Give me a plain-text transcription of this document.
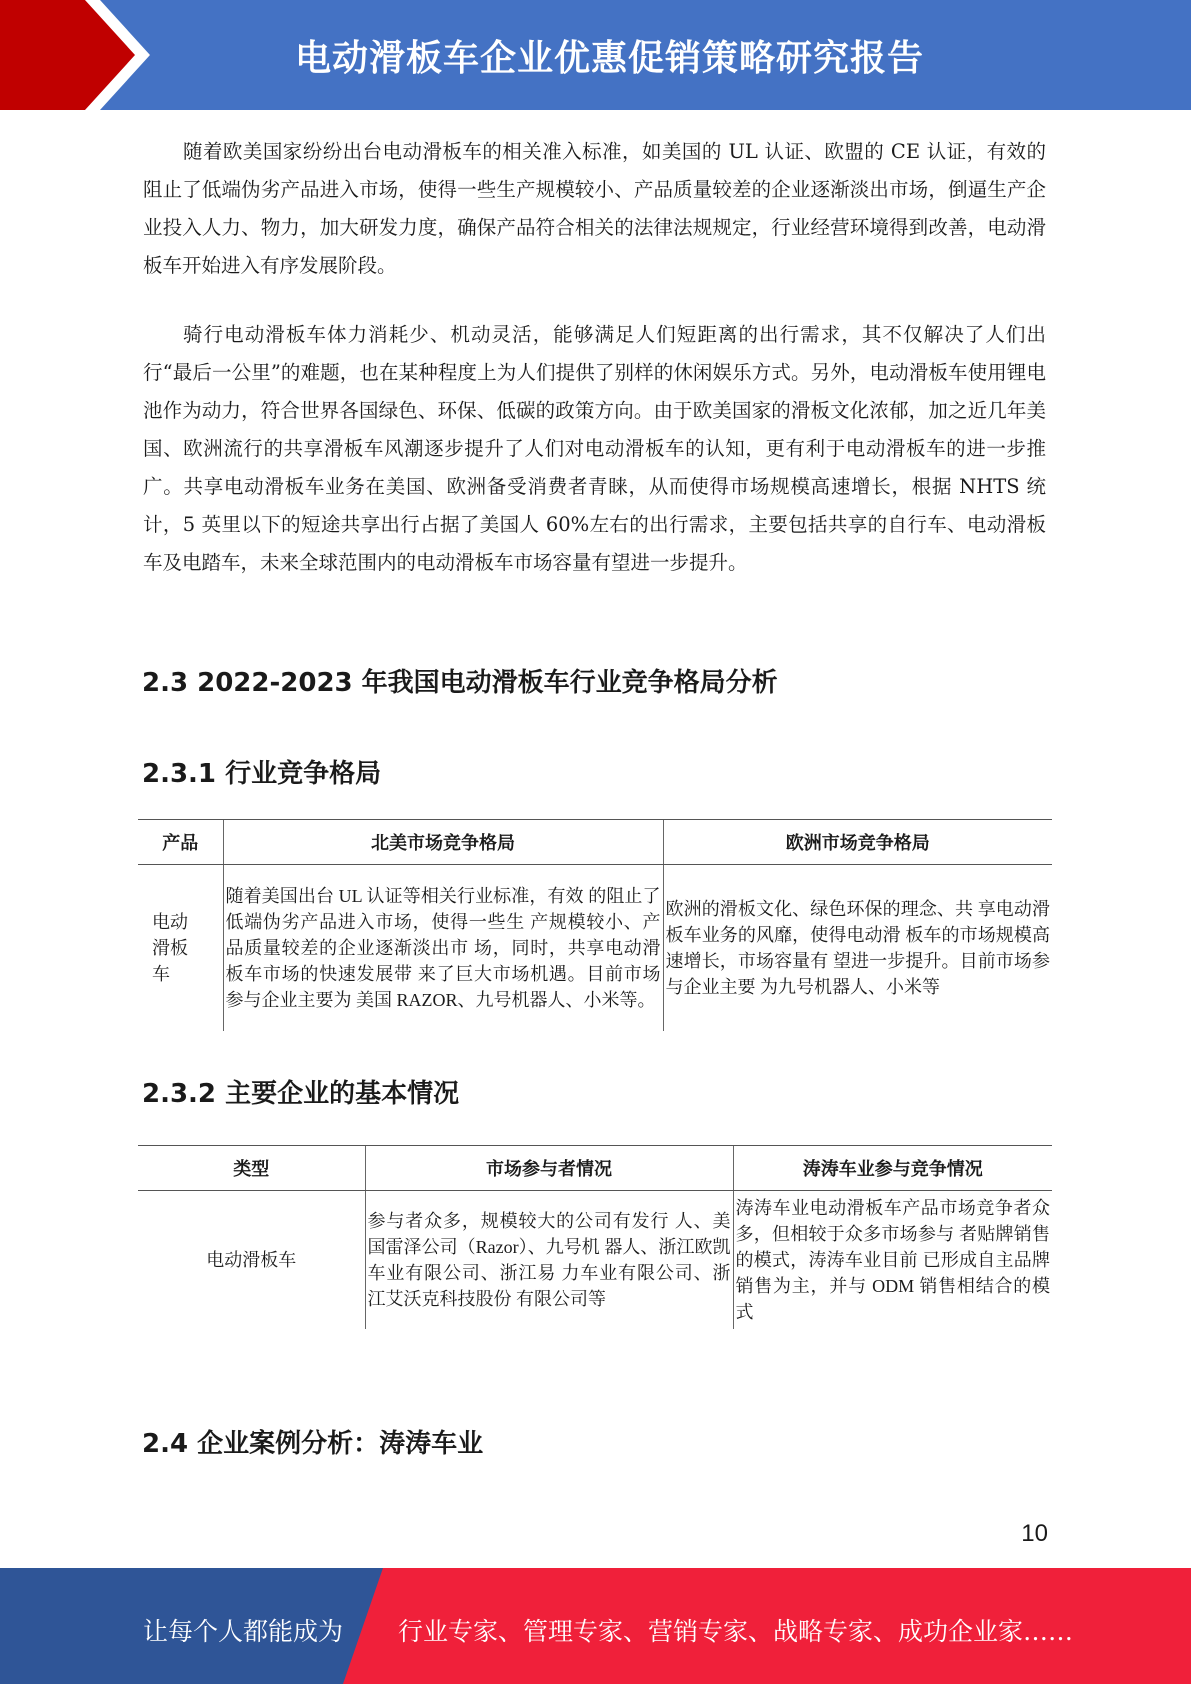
电动滑板车企业优惠促销策略研究报告

随着欧美国家纷纷出台电动滑板车的相关准入标准，如美国的 UL 认证、欧盟的 CE 认证，有效的阻止了低端伪劣产品进入市场，使得一些生产规模较小、产品质量较差的企业逐渐淡出市场，倒逼生产企业投入人力、物力，加大研发力度，确保产品符合相关的法律法规规定，行业经营环境得到改善，电动滑板车开始进入有序发展阶段。

骑行电动滑板车体力消耗少、机动灵活，能够满足人们短距离的出行需求，其不仅解决了人们出行“最后一公里”的难题，也在某种程度上为人们提供了别样的休闲娱乐方式。另外，电动滑板车使用锂电池作为动力，符合世界各国绿色、环保、低碳的政策方向。由于欧美国家的滑板文化浓郁，加之近几年美国、欧洲流行的共享滑板车风潮逐步提升了人们对电动滑板车的认知，更有利于电动滑板车的进一步推广。共享电动滑板车业务在美国、欧洲备受消费者青睐，从而使得市场规模高速增长，根据 NHTS 统计，5 英里以下的短途共享出行占据了美国人 60%左右的出行需求，主要包括共享的自行车、电动滑板车及电踏车，未来全球范围内的电动滑板车市场容量有望进一步提升。

2.3 2022-2023 年我国电动滑板车行业竞争格局分析
2.3.1 行业竞争格局
产品	北美市场竞争格局	欧洲市场竞争格局
电动滑板车	随着美国出台 UL 认证等相关行业标准，有效 的阻止了低端伪劣产品进入市场，使得一些生 产规模较小、产品质量较差的企业逐渐淡出市 场，同时，共享电动滑板车市场的快速发展带 来了巨大市场机遇。目前市场参与企业主要为 美国 RAZOR、九号机器人、小米等。	欧洲的滑板文化、绿色环保的理念、共 享电动滑板车业务的风靡，使得电动滑 板车的市场规模高速增长，市场容量有 望进一步提升。目前市场参与企业主要 为九号机器人、小米等
2.3.2 主要企业的基本情况
类型	市场参与者情况	涛涛车业参与竞争情况
电动滑板车	参与者众多，规模较大的公司有发行 人、美国雷泽公司（Razor）、九号机 器人、浙江欧凯车业有限公司、浙江易 力车业有限公司、浙江艾沃克科技股份 有限公司等	涛涛车业电动滑板车产品市场竞争者众多，但相较于众多市场参与 者贴牌销售的模式，涛涛车业目前 已形成自主品牌销售为主，并与 ODM 销售相结合的模式
2.4 企业案例分析：涛涛车业
10
让每个人都能成为 行业专家、管理专家、营销专家、战略专家、成功企业家……
